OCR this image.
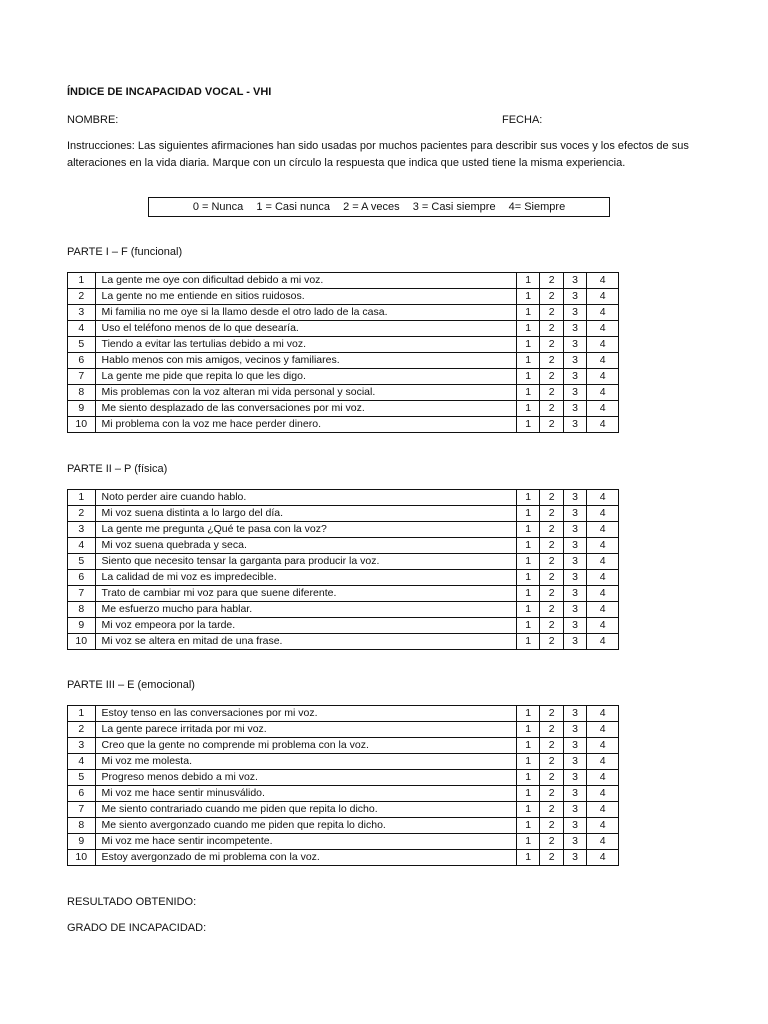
ÍNDICE DE INCAPACIDAD VOCAL - VHI
NOMBRE:	FECHA:
Instrucciones: Las siguientes afirmaciones han sido usadas por muchos pacientes para describir sus voces y los efectos de sus alteraciones en la vida diaria. Marque con un círculo la respuesta que indica que usted tiene la misma experiencia.
0 = Nunca 1 = Casi nunca 2 = A veces 3 = Casi siempre 4= Siempre
PARTE I – F (funcional)
1	La gente me oye con dificultad debido a mi voz.	1	2	3	4
2	La gente no me entiende en sitios ruidosos.	1	2	3	4
3	Mi familia no me oye si la llamo desde el otro lado de la casa.	1	2	3	4
4	Uso el teléfono menos de lo que desearía.	1	2	3	4
5	Tiendo a evitar las tertulias debido a mi voz.	1	2	3	4
6	Hablo menos con mis amigos, vecinos y familiares.	1	2	3	4
7	La gente me pide que repita lo que les digo.	1	2	3	4
8	Mis problemas con la voz alteran mi vida personal y social.	1	2	3	4
9	Me siento desplazado de las conversaciones por mi voz.	1	2	3	4
10	Mi problema con la voz me hace perder dinero.	1	2	3	4
PARTE II – P (física)
1	Noto perder aire cuando hablo.	1	2	3	4
2	Mi voz suena distinta a lo largo del día.	1	2	3	4
3	La gente me pregunta ¿Qué te pasa con la voz?	1	2	3	4
4	Mi voz suena quebrada y seca.	1	2	3	4
5	Siento que necesito tensar la garganta para producir la voz.	1	2	3	4
6	La calidad de mi voz es impredecible.	1	2	3	4
7	Trato de cambiar mi voz para que suene diferente.	1	2	3	4
8	Me esfuerzo mucho para hablar.	1	2	3	4
9	Mi voz empeora por la tarde.	1	2	3	4
10	Mi voz se altera en mitad de una frase.	1	2	3	4
PARTE III – E (emocional)
1	Estoy tenso en las conversaciones por mi voz.	1	2	3	4
2	La gente parece irritada por mi voz.	1	2	3	4
3	Creo que la gente no comprende mi problema con la voz.	1	2	3	4
4	Mi voz me molesta.	1	2	3	4
5	Progreso menos debido a mi voz.	1	2	3	4
6	Mi voz me hace sentir minusválido.	1	2	3	4
7	Me siento contrariado cuando me piden que repita lo dicho.	1	2	3	4
8	Me siento avergonzado cuando me piden que repita lo dicho.	1	2	3	4
9	Mi voz me hace sentir incompetente.	1	2	3	4
10	Estoy avergonzado de mi problema con la voz.	1	2	3	4
RESULTADO OBTENIDO:
GRADO DE INCAPACIDAD:
